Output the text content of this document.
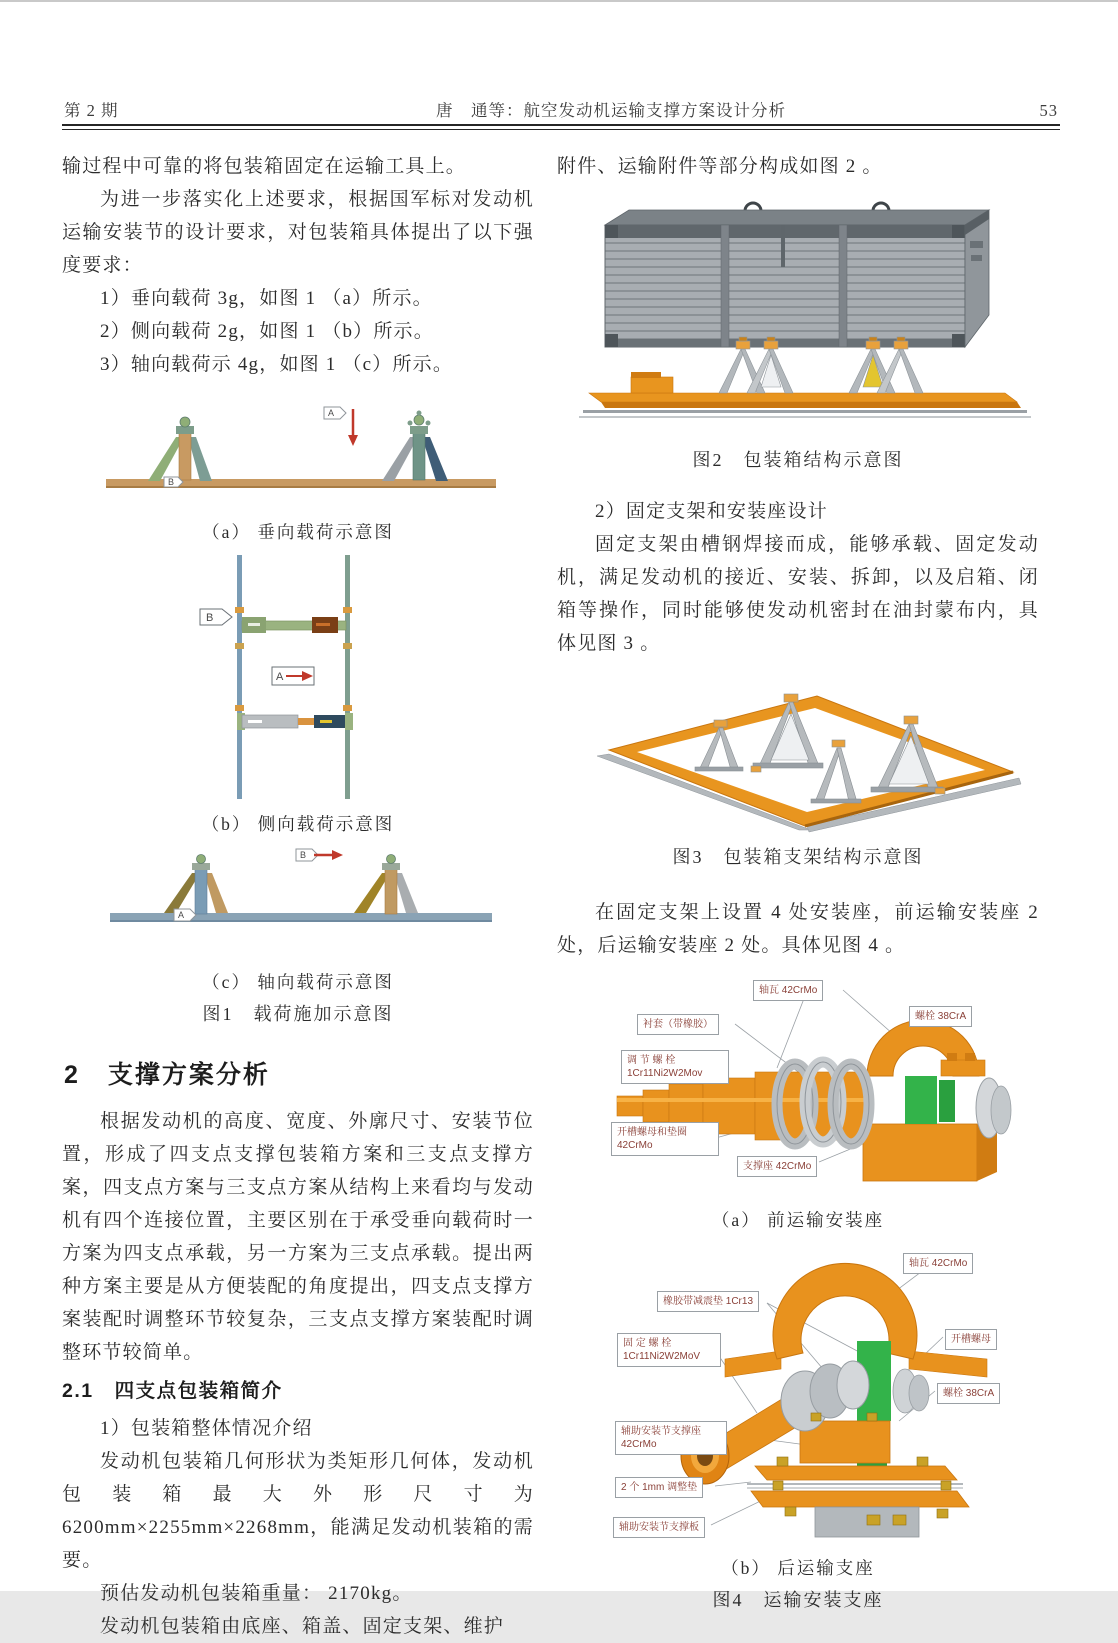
第 2 期	唐　通等：航空发动机运输支撑方案设计分析	53
输过程中可靠的将包装箱固定在运输工具上。
为进一步落实化上述要求，根据国军标对发动机运输安装节的设计要求，对包装箱具体提出了以下强度要求：
1）垂向载荷 3g，如图 1 （a）所示。
2）侧向载荷 2g，如图 1 （b）所示。
3）轴向载荷示 4g，如图 1 （c）所示。
A
B
（a） 垂向载荷示意图
B
A
（b） 侧向载荷示意图
B
A
（c） 轴向载荷示意图
图1　载荷施加示意图
2 支撑方案分析
根据发动机的高度、宽度、外廓尺寸、安装节位置，形成了四支点支撑包装箱方案和三支点支撑方案，四支点方案与三支点方案从结构上来看均与发动机有四个连接位置，主要区别在于承受垂向载荷时一方案为四支点承载，另一方案为三支点承载。提出两种方案主要是从方便装配的角度提出，四支点支撑方案装配时调整环节较复杂，三支点支撑方案装配时调整环节较简单。
2.1　四支点包装箱简介
1）包装箱整体情况介绍
发动机包装箱几何形状为类矩形几何体，发动机包装箱最大外形尺寸为 6200mm×2255mm×2268mm，能满足发动机装箱的需要。
预估发动机包装箱重量： 2170kg。
发动机包装箱由底座、箱盖、固定支架、维护
附件、运输附件等部分构成如图 2 。
图2　包装箱结构示意图
2）固定支架和安装座设计
固定支架由槽钢焊接而成，能够承载、固定发动机，满足发动机的接近、安装、拆卸，以及启箱、闭箱等操作，同时能够使发动机密封在油封蒙布内，具体见图 3 。
图3　包装箱支架结构示意图
在固定支架上设置 4 处安装座，前运输安装座 2 处，后运输安装座 2 处。具体见图 4 。
轴瓦 42CrMo
螺栓 38CrA
衬套（带橡胶）
调 节 螺 栓
1Cr11Ni2W2Mov
开槽螺母和垫圈
42CrMo
支撑座 42CrMo
（a） 前运输安装座
轴瓦 42CrMo
橡胶带减震垫 1Cr13
固 定 螺 栓
1Cr11Ni2W2MoV
开槽螺母
螺栓 38CrA
辅助安装节支撑座
42CrMo
2 个 1mm 调整垫
辅助安装节支撑板
（b） 后运输支座
图4　运输安装支座
